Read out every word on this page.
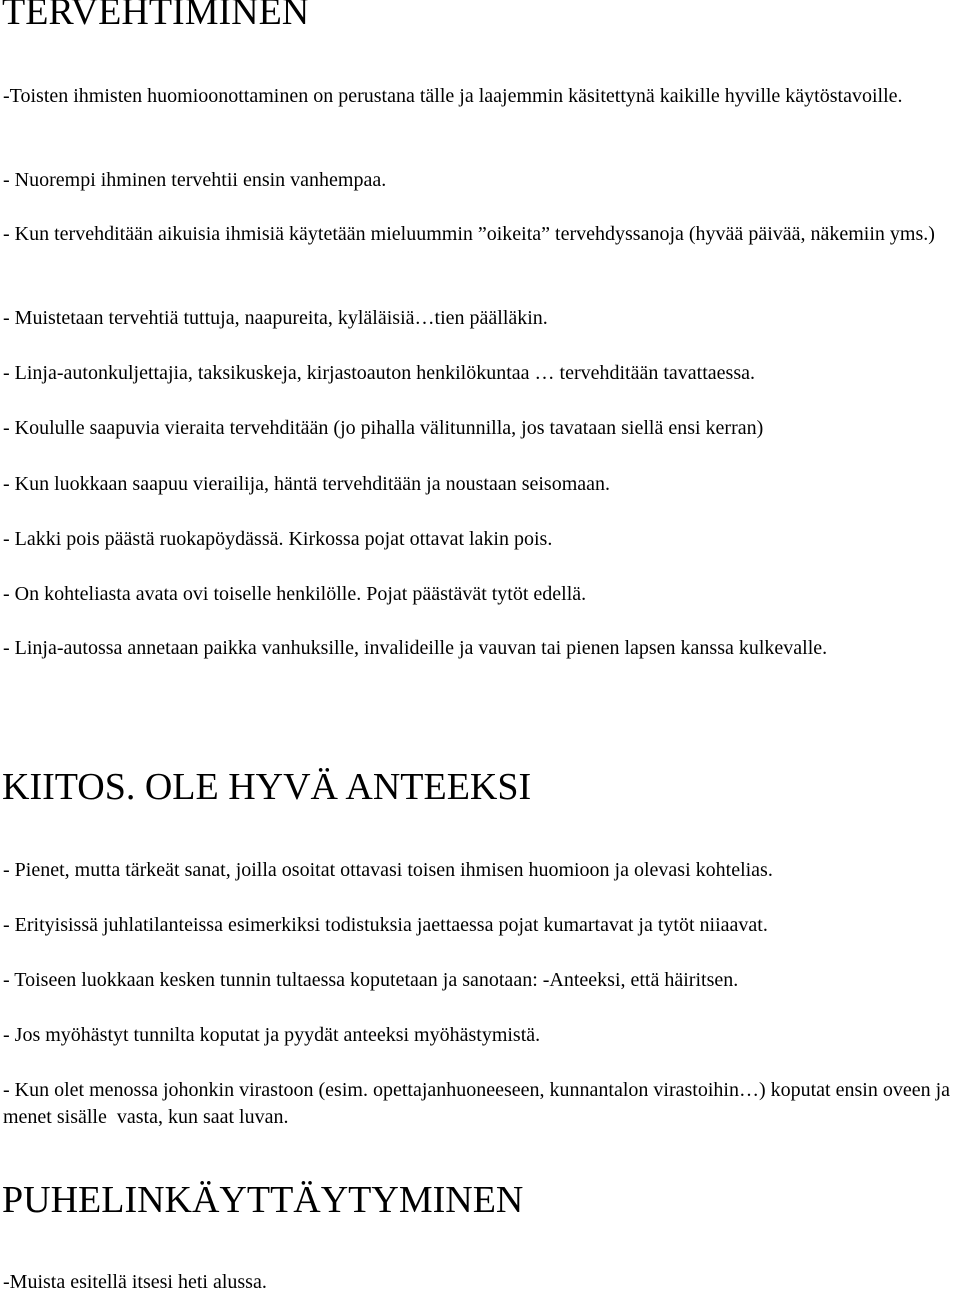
TERVEHTIMINEN

-Toisten ihmisten huomioonottaminen on perustana tälle ja laajemmin käsitettynä kaikille hyville käytöstavoille.

- Nuorempi ihminen tervehtii ensin vanhempaa.

- Kun tervehditään aikuisia ihmisiä käytetään mieluummin ”oikeita” tervehdyssanoja (hyvää päivää, näkemiin yms.)

- Muistetaan tervehtiä tuttuja, naapureita, kyläläisiä…tien päälläkin.

- Linja-autonkuljettajia, taksikuskeja, kirjastoauton henkilökuntaa … tervehditään tavattaessa.

- Koululle saapuvia vieraita tervehditään (jo pihalla välitunnilla, jos tavataan siellä ensi kerran)

- Kun luokkaan saapuu vierailija, häntä tervehditään ja noustaan seisomaan.

- Lakki pois päästä ruokapöydässä. Kirkossa pojat ottavat lakin pois.

- On kohteliasta avata ovi toiselle henkilölle. Pojat päästävät tytöt edellä.

- Linja-autossa annetaan paikka vanhuksille, invalideille ja vauvan tai pienen lapsen kanssa kulkevalle.

KIITOS. OLE HYVÄ ANTEEKSI

- Pienet, mutta tärkeät sanat, joilla osoitat ottavasi toisen ihmisen huomioon ja olevasi kohtelias.

- Erityisissä juhlatilanteissa esimerkiksi todistuksia jaettaessa pojat kumartavat ja tytöt niiaavat.

- Toiseen luokkaan kesken tunnin tultaessa koputetaan ja sanotaan: -Anteeksi, että häiritsen.

- Jos myöhästyt tunnilta koputat ja pyydät anteeksi myöhästymistä.

- Kun olet menossa johonkin virastoon (esim. opettajanhuoneeseen, kunnantalon virastoihin…) koputat ensin oveen ja menet sisälle  vasta, kun saat luvan.

PUHELINKÄYTTÄYTYMINEN

-Muista esitellä itsesi heti alussa.
